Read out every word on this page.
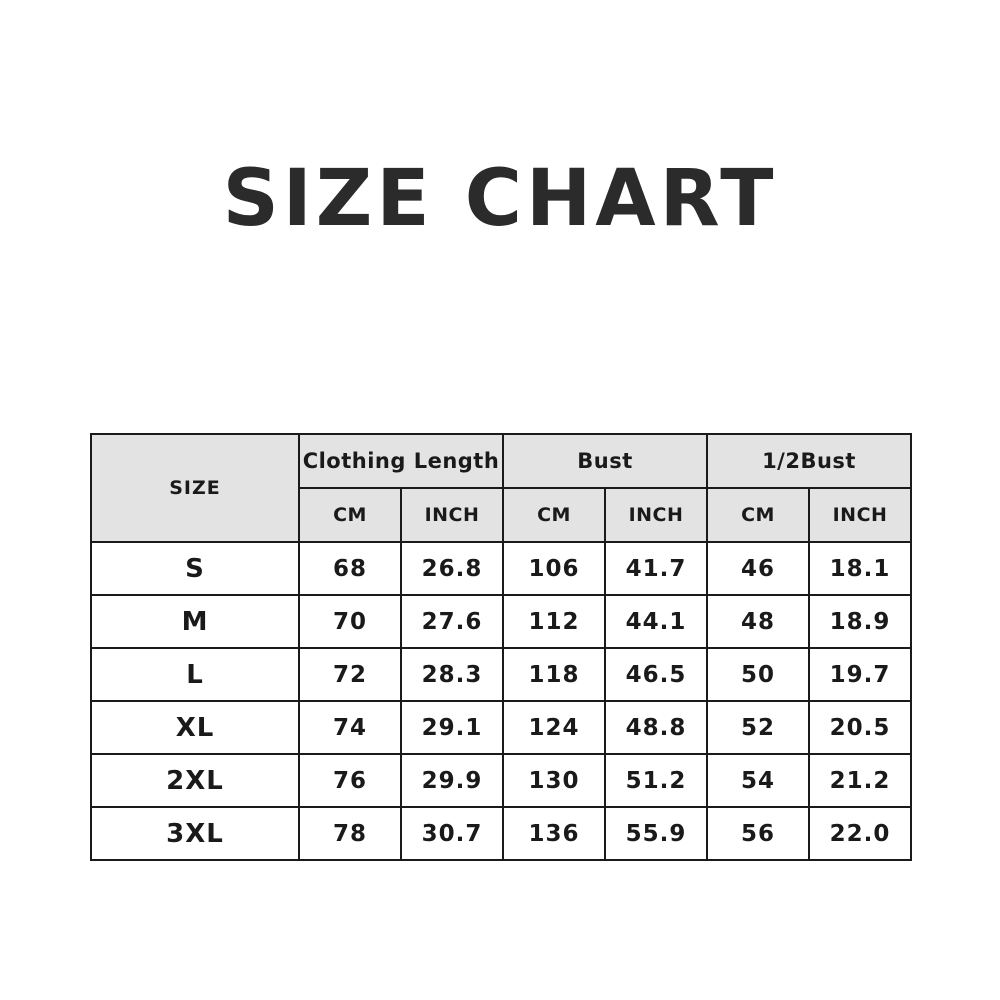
SIZE CHART
SIZE	Clothing Length		Bust		1/2Bust	
	CM	INCH	CM	INCH	CM	INCH
S	68	26.8	106	41.7	46	18.1
M	70	27.6	112	44.1	48	18.9
L	72	28.3	118	46.5	50	19.7
XL	74	29.1	124	48.8	52	20.5
2XL	76	29.9	130	51.2	54	21.2
3XL	78	30.7	136	55.9	56	22.0
